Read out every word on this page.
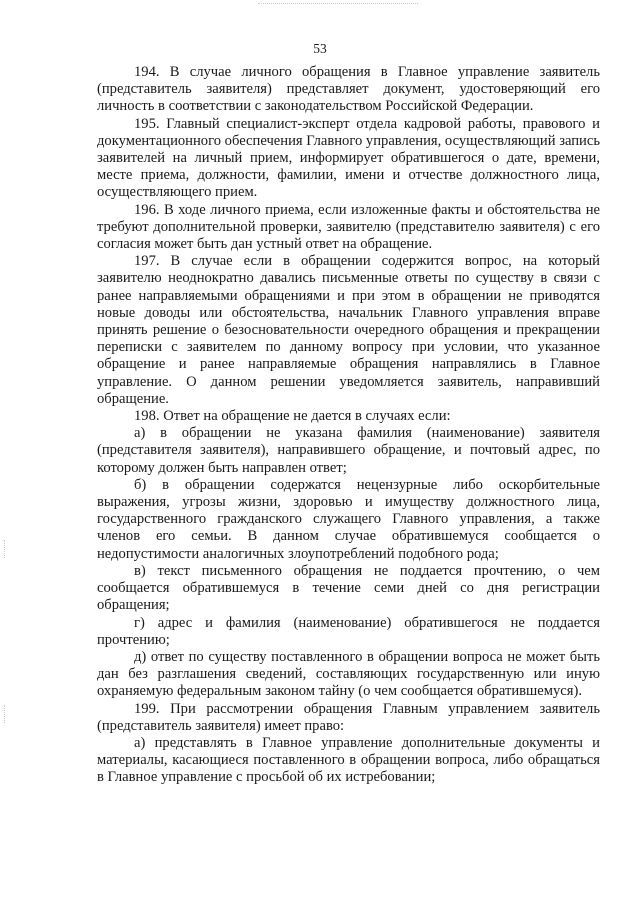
53

194. В случае личного обращения в Главное управление заявитель (представитель заявителя) представляет документ, удостоверяющий его личность в соответствии с законодательством Российской Федерации.

195. Главный специалист-эксперт отдела кадровой работы, правового и документационного обеспечения Главного управления, осуществляющий запись заявителей на личный прием, информирует обратившегося о дате, времени, месте приема, должности, фамилии, имени и отчестве должностного лица, осуществляющего прием.

196. В ходе личного приема, если изложенные факты и обстоятельства не требуют дополнительной проверки, заявителю (представителю заявителя) с его согласия может быть дан устный ответ на обращение.

197. В случае если в обращении содержится вопрос, на который заявителю неоднократно давались письменные ответы по существу в связи с ранее направляемыми обращениями и при этом в обращении не приводятся новые доводы или обстоятельства, начальник Главного управления вправе принять решение о безосновательности очередного обращения и прекращении переписки с заявителем по данному вопросу при условии, что указанное обращение и ранее направляемые обращения направлялись в Главное управление. О данном решении уведомляется заявитель, направивший обращение.

198. Ответ на обращение не дается в случаях если:

а) в обращении не указана фамилия (наименование) заявителя (представителя заявителя), направившего обращение, и почтовый адрес, по которому должен быть направлен ответ;

б) в обращении содержатся нецензурные либо оскорбительные выражения, угрозы жизни, здоровью и имуществу должностного лица, государственного гражданского служащего Главного управления, а также членов его семьи. В данном случае обратившемуся сообщается о недопустимости аналогичных злоупотреблений подобного рода;

в) текст письменного обращения не поддается прочтению, о чем сообщается обратившемуся в течение семи дней со дня регистрации обращения;

г) адрес и фамилия (наименование) обратившегося не поддается прочтению;

д) ответ по существу поставленного в обращении вопроса не может быть дан без разглашения сведений, составляющих государственную или иную охраняемую федеральным законом тайну (о чем сообщается обратившемуся).

199. При рассмотрении обращения Главным управлением заявитель (представитель заявителя) имеет право:

а) представлять в Главное управление дополнительные документы и материалы, касающиеся поставленного в обращении вопроса, либо обращаться в Главное управление с просьбой об их истребовании;
